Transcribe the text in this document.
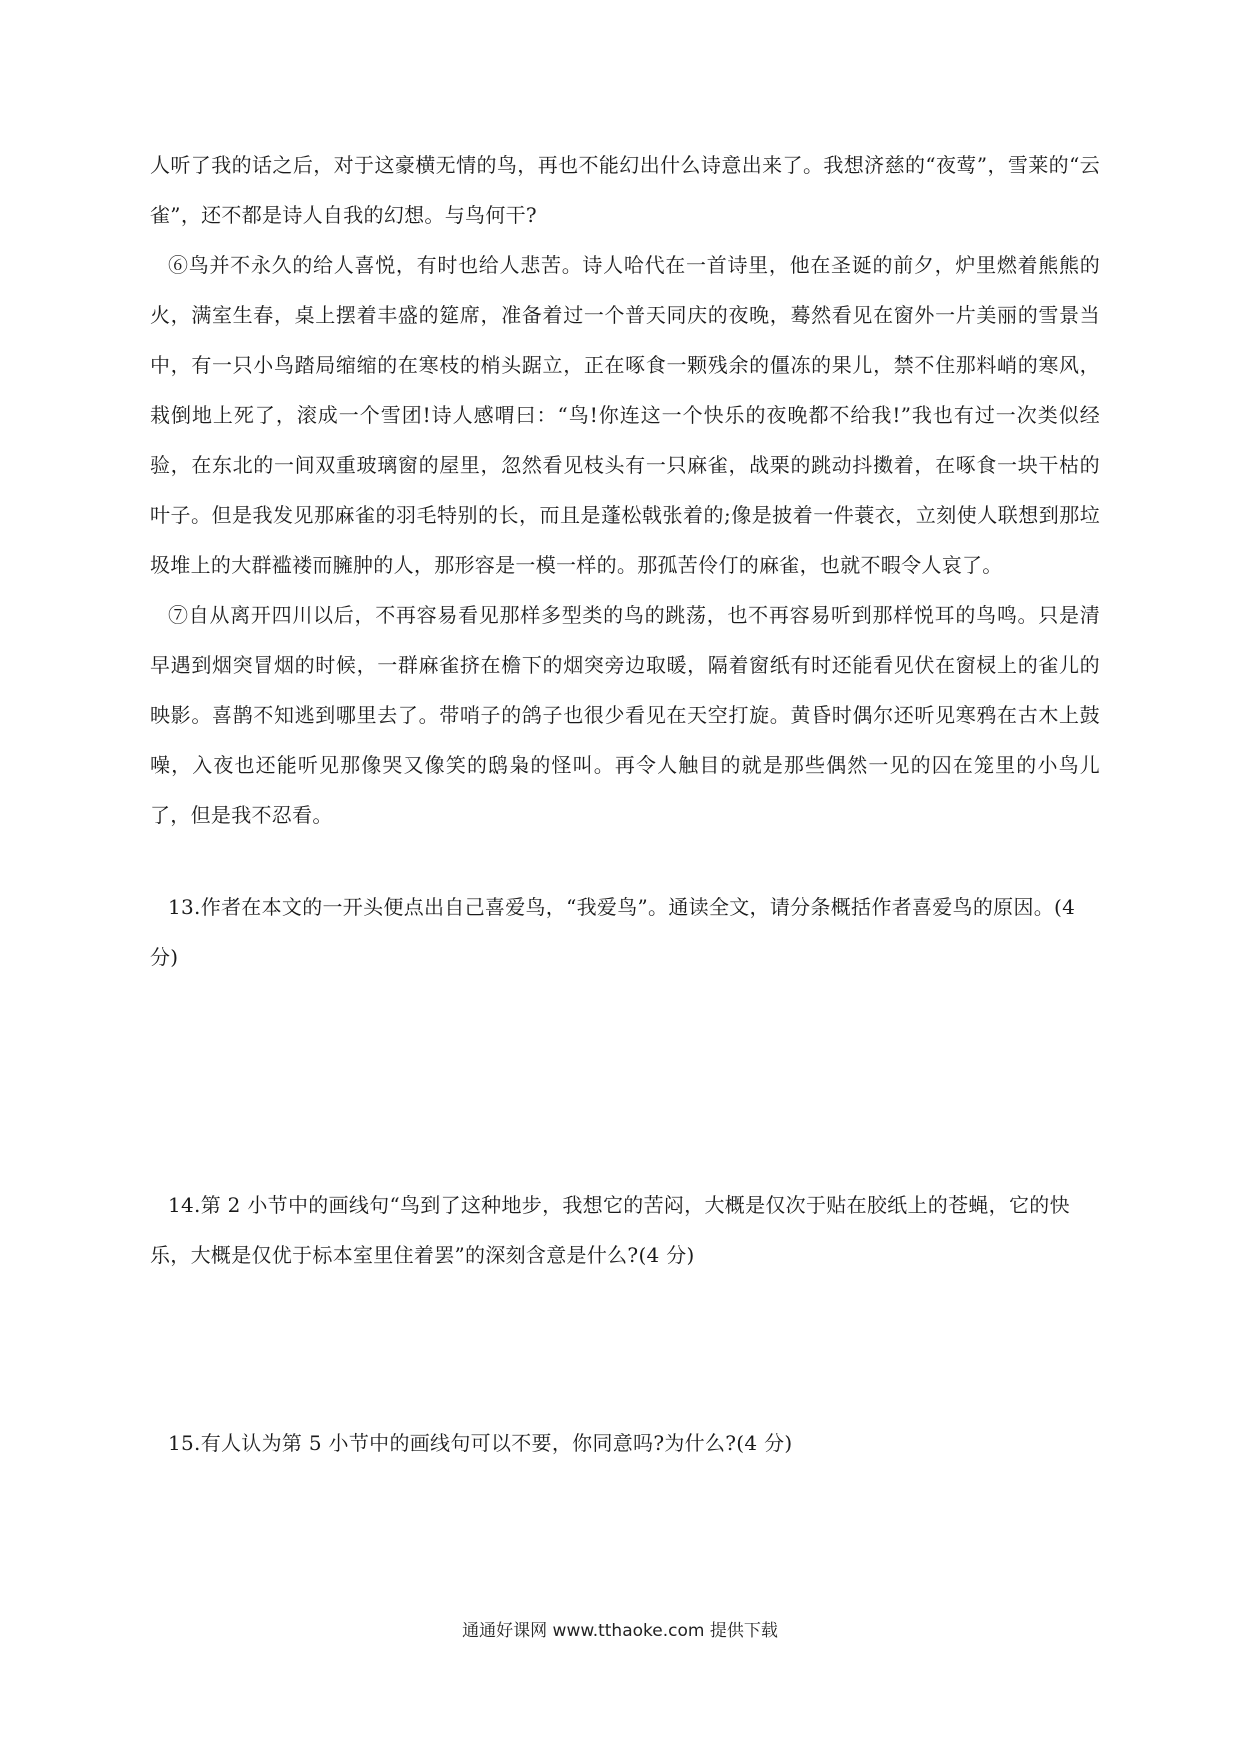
人听了我的话之后，对于这豪横无情的鸟，再也不能幻出什么诗意出来了。我想济慈的“夜莺”，雪莱的“云雀”，还不都是诗人自我的幻想。与鸟何干?

⑥鸟并不永久的给人喜悦，有时也给人悲苦。诗人哈代在一首诗里，他在圣诞的前夕，炉里燃着熊熊的火，满室生春，桌上摆着丰盛的筵席，准备着过一个普天同庆的夜晚，蓦然看见在窗外一片美丽的雪景当中，有一只小鸟踏局缩缩的在寒枝的梢头踞立，正在啄食一颗残余的僵冻的果儿，禁不住那料峭的寒风，栽倒地上死了，滚成一个雪团!诗人感喟曰：“鸟!你连这一个快乐的夜晚都不给我!”我也有过一次类似经验，在东北的一间双重玻璃窗的屋里，忽然看见枝头有一只麻雀，战栗的跳动抖擞着，在啄食一块干枯的叶子。但是我发见那麻雀的羽毛特别的长，而且是蓬松戟张着的;像是披着一件蓑衣，立刻使人联想到那垃圾堆上的大群褴褛而臃肿的人，那形容是一模一样的。那孤苦伶仃的麻雀，也就不暇令人哀了。

⑦自从离开四川以后，不再容易看见那样多型类的鸟的跳荡，也不再容易听到那样悦耳的鸟鸣。只是清早遇到烟突冒烟的时候，一群麻雀挤在檐下的烟突旁边取暖，隔着窗纸有时还能看见伏在窗棂上的雀儿的映影。喜鹊不知逃到哪里去了。带哨子的鸽子也很少看见在天空打旋。黄昏时偶尔还听见寒鸦在古木上鼓噪，入夜也还能听见那像哭又像笑的鸱枭的怪叫。再令人触目的就是那些偶然一见的囚在笼里的小鸟儿了，但是我不忍看。

13.作者在本文的一开头便点出自己喜爱鸟，“我爱鸟”。通读全文，请分条概括作者喜爱鸟的原因。(4 分)

14.第 2 小节中的画线句“鸟到了这种地步，我想它的苦闷，大概是仅次于贴在胶纸上的苍蝇，它的快乐，大概是仅优于标本室里住着罢”的深刻含意是什么?(4 分)

15.有人认为第 5 小节中的画线句可以不要，你同意吗?为什么?(4 分)

通通好课网 www.tthaoke.com 提供下载
